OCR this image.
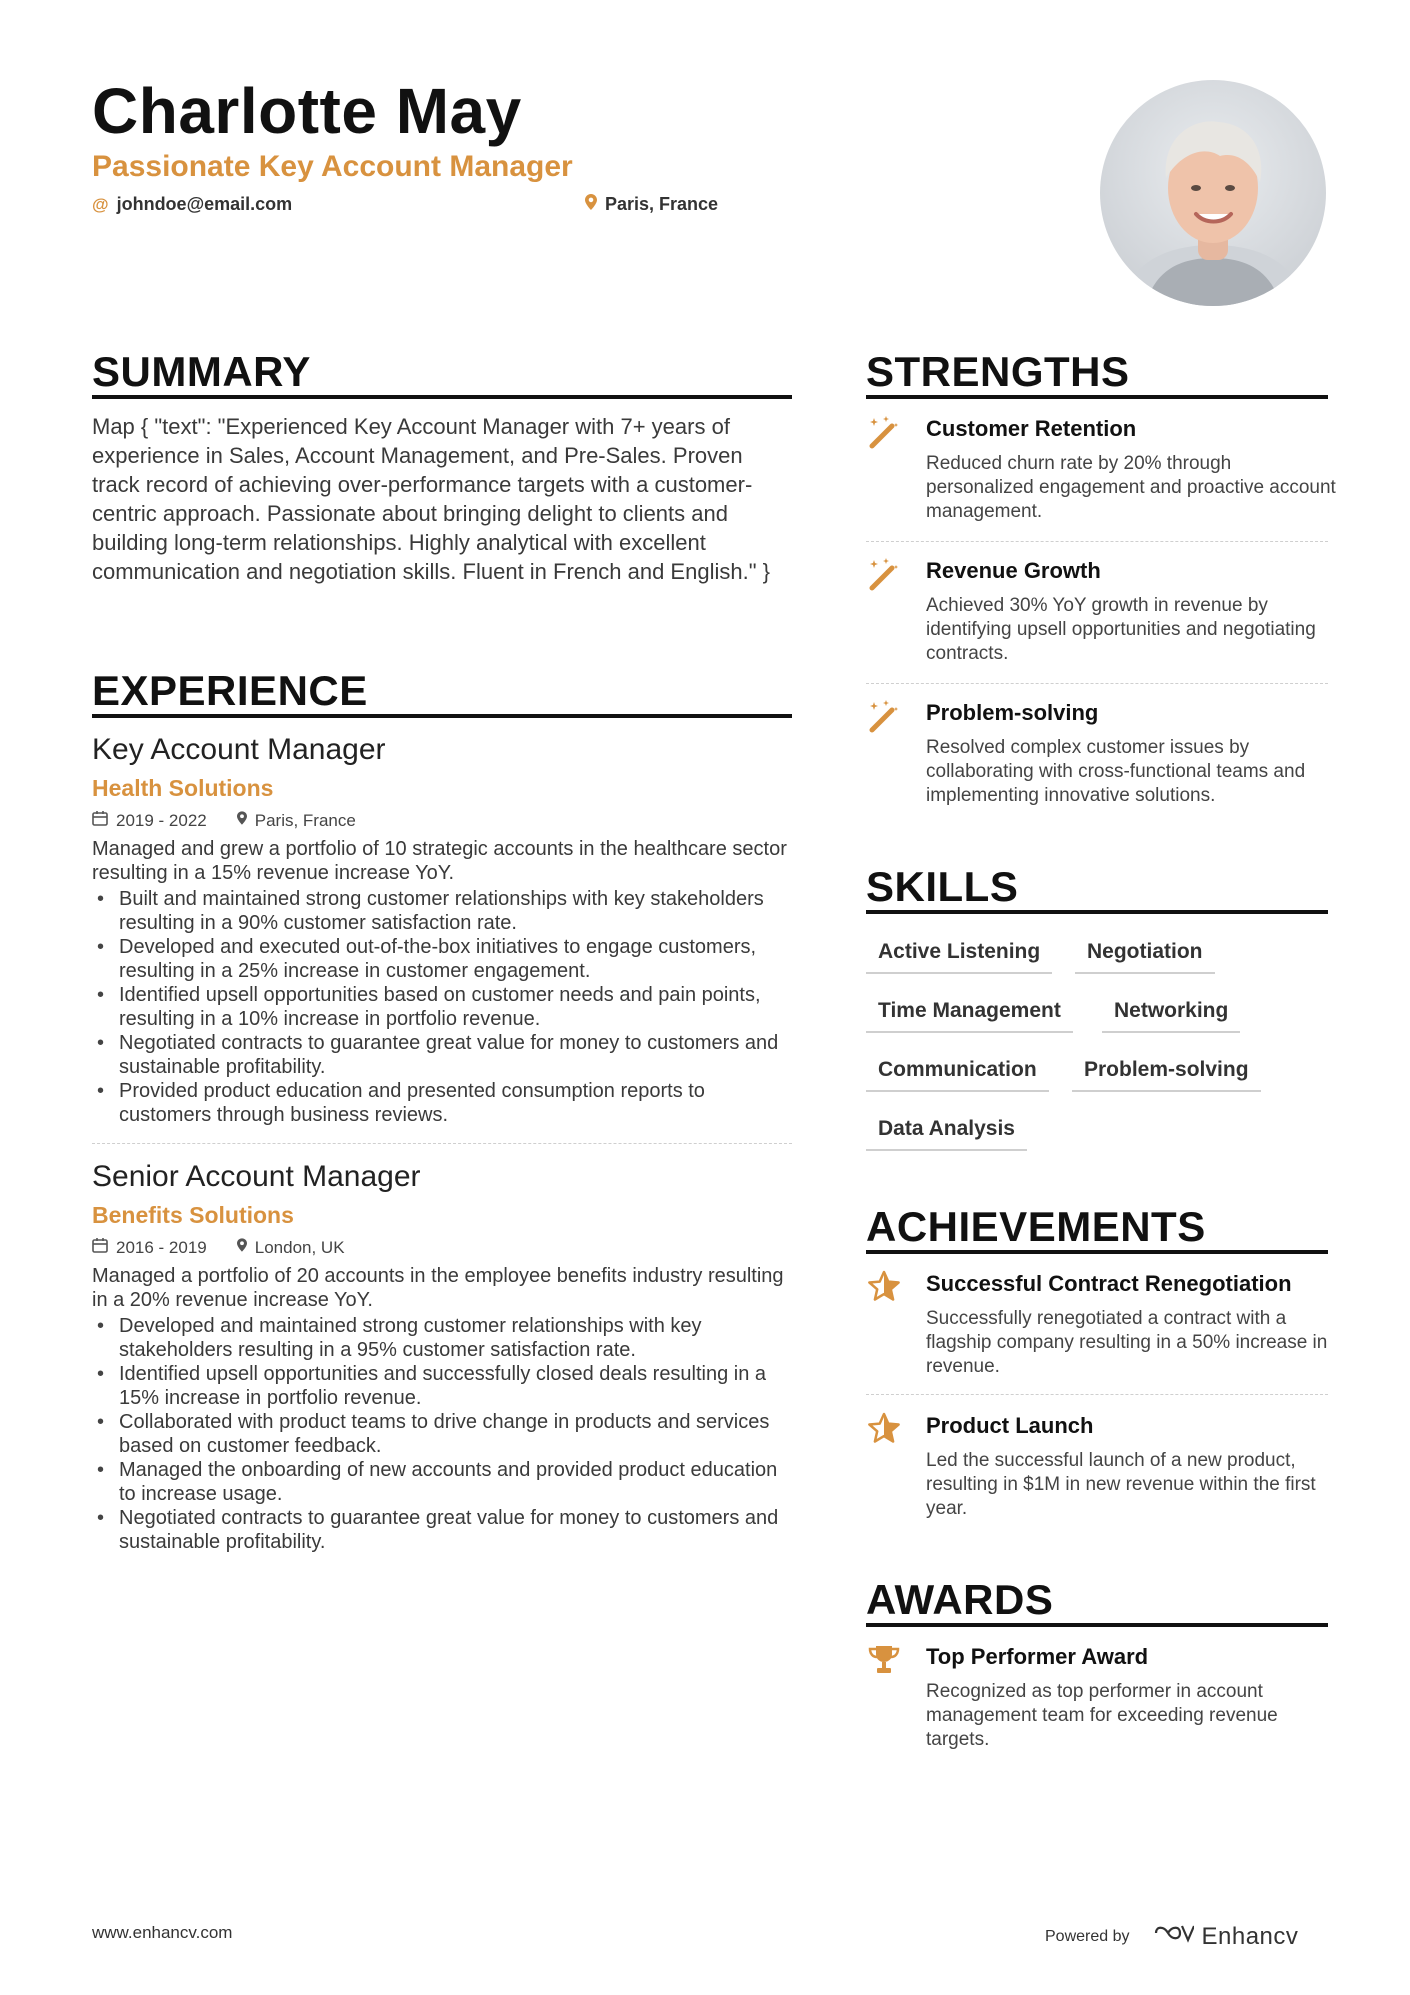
Charlotte May
Passionate Key Account Manager
@ johndoe@email.com	Paris, France
SUMMARY
Map { "text": "Experienced Key Account Manager with 7+ years of experience in Sales, Account Management, and Pre-Sales. Proven track record of achieving over-performance targets with a customer-centric approach. Passionate about bringing delight to clients and building long-term relationships. Highly analytical with excellent communication and negotiation skills. Fluent in French and English." }
EXPERIENCE
Key Account Manager
Health Solutions
2019 - 2022	Paris, France
Managed and grew a portfolio of 10 strategic accounts in the healthcare sector resulting in a 15% revenue increase YoY.
• Built and maintained strong customer relationships with key stakeholders resulting in a 90% customer satisfaction rate.
• Developed and executed out-of-the-box initiatives to engage customers, resulting in a 25% increase in customer engagement.
• Identified upsell opportunities based on customer needs and pain points, resulting in a 10% increase in portfolio revenue.
• Negotiated contracts to guarantee great value for money to customers and sustainable profitability.
• Provided product education and presented consumption reports to customers through business reviews.
Senior Account Manager
Benefits Solutions
2016 - 2019	London, UK
Managed a portfolio of 20 accounts in the employee benefits industry resulting in a 20% revenue increase YoY.
• Developed and maintained strong customer relationships with key stakeholders resulting in a 95% customer satisfaction rate.
• Identified upsell opportunities and successfully closed deals resulting in a 15% increase in portfolio revenue.
• Collaborated with product teams to drive change in products and services based on customer feedback.
• Managed the onboarding of new accounts and provided product education to increase usage.
• Negotiated contracts to guarantee great value for money to customers and sustainable profitability.
STRENGTHS
Customer Retention
Reduced churn rate by 20% through personalized engagement and proactive account management.
Revenue Growth
Achieved 30% YoY growth in revenue by identifying upsell opportunities and negotiating contracts.
Problem-solving
Resolved complex customer issues by collaborating with cross-functional teams and implementing innovative solutions.
SKILLS
Active Listening	Negotiation
Time Management	Networking
Communication	Problem-solving
Data Analysis
ACHIEVEMENTS
Successful Contract Renegotiation
Successfully renegotiated a contract with a flagship company resulting in a 50% increase in revenue.
Product Launch
Led the successful launch of a new product, resulting in $1M in new revenue within the first year.
AWARDS
Top Performer Award
Recognized as top performer in account management team for exceeding revenue targets.
www.enhancv.com	Powered by	Enhancv
